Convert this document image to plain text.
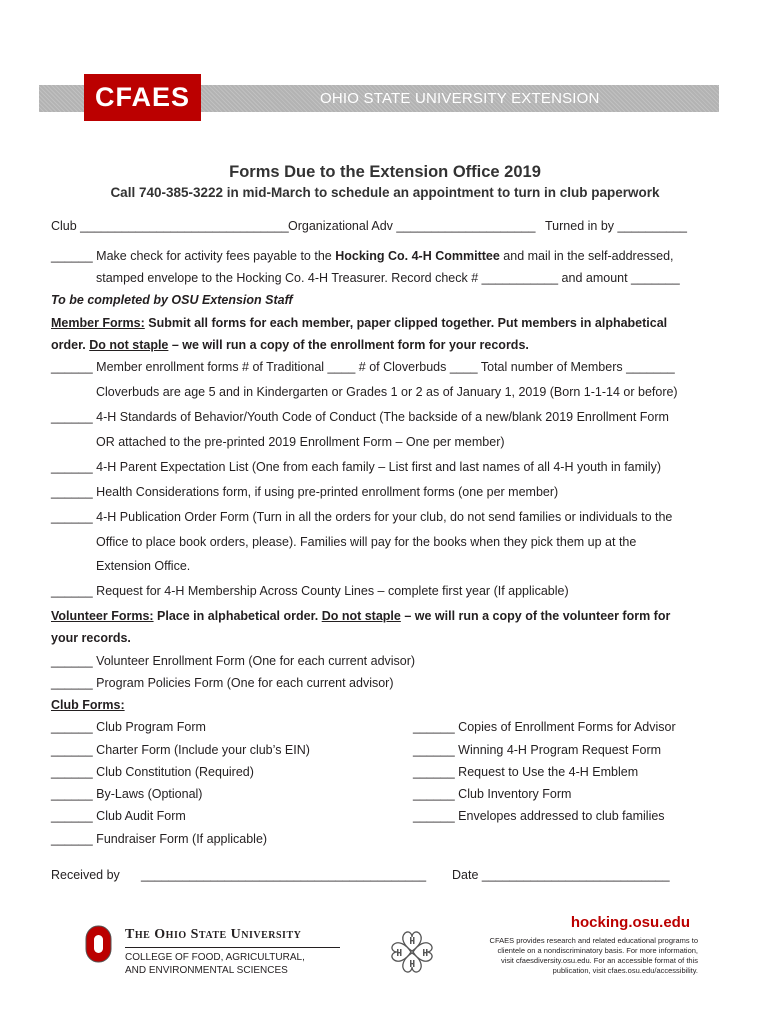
OHIO STATE UNIVERSITY EXTENSION
CFAES
Forms Due to the Extension Office 2019
Call 740-385-3222 in mid-March to schedule an appointment to turn in club paperwork
Club ______________________________ Organizational Adv ____________________ Turned in by __________
______ Make check for activity fees payable to the Hocking Co. 4-H Committee and mail in the self-addressed,
stamped envelope to the Hocking Co. 4-H Treasurer. Record check # ___________ and amount _______
To be completed by OSU Extension Staff
Member Forms: Submit all forms for each member, paper clipped together. Put members in alphabetical
order. Do not staple – we will run a copy of the enrollment form for your records.
______ Member enrollment forms # of Traditional ____ # of Cloverbuds ____ Total number of Members _______
Cloverbuds are age 5 and in Kindergarten or Grades 1 or 2 as of January 1, 2019 (Born 1-1-14 or before)
______ 4-H Standards of Behavior/Youth Code of Conduct (The backside of a new/blank 2019 Enrollment Form
OR attached to the pre-printed 2019 Enrollment Form – One per member)
______ 4-H Parent Expectation List (One from each family – List first and last names of all 4-H youth in family)
______ Health Considerations form, if using pre-printed enrollment forms (one per member)
______ 4-H Publication Order Form (Turn in all the orders for your club, do not send families or individuals to the
Office to place book orders, please). Families will pay for the books when they pick them up at the
Extension Office.
______ Request for 4-H Membership Across County Lines – complete first year (If applicable)
Volunteer Forms: Place in alphabetical order. Do not staple – we will run a copy of the volunteer form for
your records.
______ Volunteer Enrollment Form (One for each current advisor)
______ Program Policies Form (One for each current advisor)
Club Forms:
______ Club Program Form
______ Charter Form (Include your club’s EIN)
______ Club Constitution (Required)
______ By-Laws (Optional)
______ Club Audit Form
______ Fundraiser Form (If applicable)
______ Copies of Enrollment Forms for Advisor
______ Winning 4-H Program Request Form
______ Request to Use the 4-H Emblem
______ Club Inventory Form
______ Envelopes addressed to club families
Received by _________________________________________ Date ___________________________
The Ohio State University
COLLEGE OF FOOD, AGRICULTURAL,
AND ENVIRONMENTAL SCIENCES
hocking.osu.edu
CFAES provides research and related educational programs to
clientele on a nondiscriminatory basis. For more information,
visit cfaesdiversity.osu.edu. For an accessible format of this
publication, visit cfaes.osu.edu/accessibility.
